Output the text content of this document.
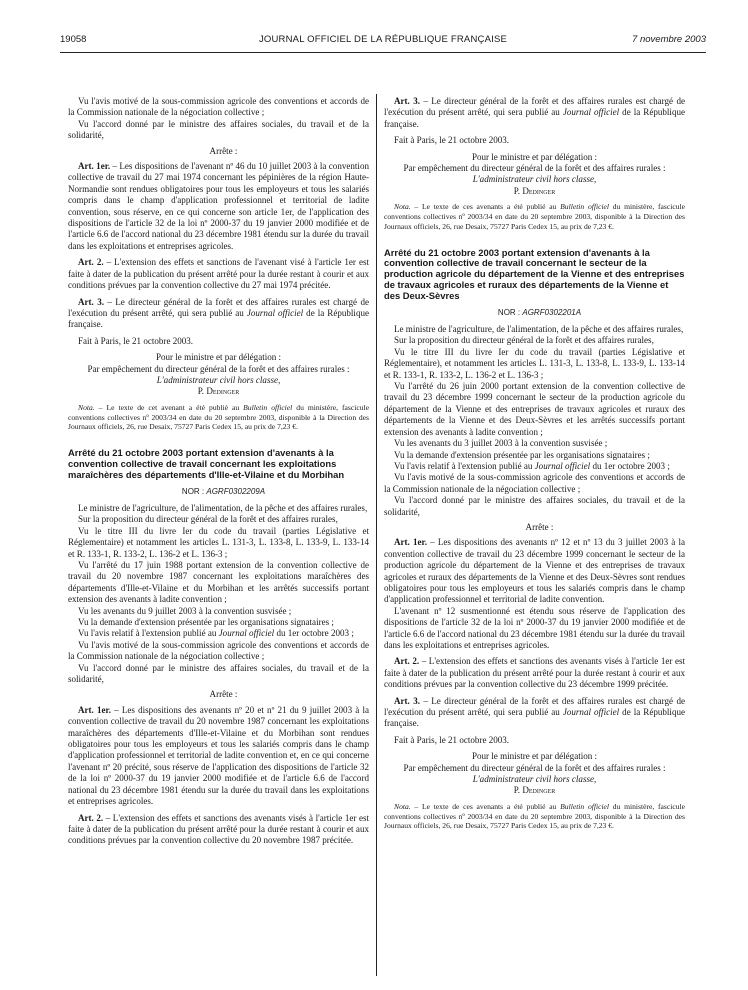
19058	JOURNAL OFFICIEL DE LA RÉPUBLIQUE FRANÇAISE	7 novembre 2003

Vu l'avis motivé de la sous-commission agricole des conventions et accords de la Commission nationale de la négociation collective ;

Vu l'accord donné par le ministre des affaires sociales, du travail et de la solidarité,

Arrête :

Art. 1er. – Les dispositions de l'avenant nº 46 du 10 juillet 2003 à la convention collective de travail du 27 mai 1974 concernant les pépinières de la région Haute-Normandie sont rendues obligatoires pour tous les employeurs et tous les salariés compris dans le champ d'application professionnel et territorial de ladite convention, sous réserve, en ce qui concerne son article 1er, de l'application des dispositions de l'article 32 de la loi nº 2000-37 du 19 janvier 2000 modifiée et de l'article 6.6 de l'accord national du 23 décembre 1981 étendu sur la durée du travail dans les exploitations et entreprises agricoles.

Art. 2. – L'extension des effets et sanctions de l'avenant visé à l'article 1er est faite à dater de la publication du présent arrêté pour la durée restant à courir et aux conditions prévues par la convention collective du 27 mai 1974 précitée.

Art. 3. – Le directeur général de la forêt et des affaires rurales est chargé de l'exécution du présent arrêté, qui sera publié au Journal officiel de la République française.

Fait à Paris, le 21 octobre 2003.

Pour le ministre et par délégation :

Par empêchement du directeur général de la forêt et des affaires rurales :

L'administrateur civil hors classe,

P. Dedinger

Nota. – Le texte de cet avenant a été publié au Bulletin officiel du ministère, fascicule conventions collectives nº 2003/34 en date du 20 septembre 2003, disponible à la Direction des Journaux officiels, 26, rue Desaix, 75727 Paris Cedex 15, au prix de 7,23 €.

Arrêté du 21 octobre 2003 portant extension d'avenants à la convention collective de travail concernant les exploitations maraîchères des départements d'Ille-et-Vilaine et du Morbihan

NOR : AGRF0302209A

Le ministre de l'agriculture, de l'alimentation, de la pêche et des affaires rurales,

Sur la proposition du directeur général de la forêt et des affaires rurales,

Vu le titre III du livre Ier du code du travail (parties Législative et Réglementaire) et notamment les articles L. 131-3, L. 133-8, L. 133-9, L. 133-14 et R. 133-1, R. 133-2, L. 136-2 et L. 136-3 ;

Vu l'arrêté du 17 juin 1988 portant extension de la convention collective de travail du 20 novembre 1987 concernant les exploitations maraîchères des départements d'Ille-et-Vilaine et du Morbihan et les arrêtés successifs portant extension des avenants à ladite convention ;

Vu les avenants du 9 juillet 2003 à la convention susvisée ;

Vu la demande d'extension présentée par les organisations signataires ;

Vu l'avis relatif à l'extension publié au Journal officiel du 1er octobre 2003 ;

Vu l'avis motivé de la sous-commission agricole des conventions et accords de la Commission nationale de la négociation collective ;

Vu l'accord donné par le ministre des affaires sociales, du travail et de la solidarité,

Arrête :

Art. 1er. – Les dispositions des avenants nº 20 et nº 21 du 9 juillet 2003 à la convention collective de travail du 20 novembre 1987 concernant les exploitations maraîchères des départements d'Ille-et-Vilaine et du Morbihan sont rendues obligatoires pour tous les employeurs et tous les salariés compris dans le champ d'application professionnel et territorial de ladite convention et, en ce qui concerne l'avenant nº 20 précité, sous réserve de l'application des dispositions de l'article 32 de la loi nº 2000-37 du 19 janvier 2000 modifiée et de l'article 6.6 de l'accord national du 23 décembre 1981 étendu sur la durée du travail dans les exploitations et entreprises agricoles.

Art. 2. – L'extension des effets et sanctions des avenants visés à l'article 1er est faite à dater de la publication du présent arrêté pour la durée restant à courir et aux conditions prévues par la convention collective du 20 novembre 1987 précitée.

Art. 3. – Le directeur général de la forêt et des affaires rurales est chargé de l'exécution du présent arrêté, qui sera publié au Journal officiel de la République française.

Fait à Paris, le 21 octobre 2003.

Pour le ministre et par délégation :

Par empêchement du directeur général de la forêt et des affaires rurales :

L'administrateur civil hors classe,

P. Dedinger

Nota. – Le texte de ces avenants a été publié au Bulletin officiel du ministère, fascicule conventions collectives nº 2003/34 en date du 20 septembre 2003, disponible à la Direction des Journaux officiels, 26, rue Desaix, 75727 Paris Cedex 15, au prix de 7,23 €.

Arrêté du 21 octobre 2003 portant extension d'avenants à la convention collective de travail concernant le secteur de la production agricole du département de la Vienne et des entreprises de travaux agricoles et ruraux des départements de la Vienne et des Deux-Sèvres

NOR : AGRF0302201A

Le ministre de l'agriculture, de l'alimentation, de la pêche et des affaires rurales,

Sur la proposition du directeur général de la forêt et des affaires rurales,

Vu le titre III du livre Ier du code du travail (parties Législative et Réglementaire), et notamment les articles L. 131-3, L. 133-8, L. 133-9, L. 133-14 et R. 133-1, R. 133-2, L. 136-2 et L. 136-3 ;

Vu l'arrêté du 26 juin 2000 portant extension de la convention collective de travail du 23 décembre 1999 concernant le secteur de la production agricole du département de la Vienne et des entreprises de travaux agricoles et ruraux des départements de la Vienne et des Deux-Sèvres et les arrêtés successifs portant extension des avenants à ladite convention ;

Vu les avenants du 3 juillet 2003 à la convention susvisée ;

Vu la demande d'extension présentée par les organisations signataires ;

Vu l'avis relatif à l'extension publié au Journal officiel du 1er octobre 2003 ;

Vu l'avis motivé de la sous-commission agricole des conventions et accords de la Commission nationale de la négociation collective ;

Vu l'accord donné par le ministre des affaires sociales, du travail et de la solidarité,

Arrête :

Art. 1er. – Les dispositions des avenants nº 12 et nº 13 du 3 juillet 2003 à la convention collective de travail du 23 décembre 1999 concernant le secteur de la production agricole du département de la Vienne et des entreprises de travaux agricoles et ruraux des départements de la Vienne et des Deux-Sèvres sont rendues obligatoires pour tous les employeurs et tous les salariés compris dans le champ d'application professionnel et territorial de ladite convention.

L'avenant nº 12 susmentionné est étendu sous réserve de l'application des dispositions de l'article 32 de la loi nº 2000-37 du 19 janvier 2000 modifiée et de l'article 6.6 de l'accord national du 23 décembre 1981 étendu sur la durée du travail dans les exploitations et entreprises agricoles.

Art. 2. – L'extension des effets et sanctions des avenants visés à l'article 1er est faite à dater de la publication du présent arrêté pour la durée restant à courir et aux conditions prévues par la convention collective du 23 décembre 1999 précitée.

Art. 3. – Le directeur général de la forêt et des affaires rurales est chargé de l'exécution du présent arrêté, qui sera publié au Journal officiel de la République française.

Fait à Paris, le 21 octobre 2003.

Pour le ministre et par délégation :

Par empêchement du directeur général de la forêt et des affaires rurales :

L'administrateur civil hors classe,

P. Dedinger

Nota. – Le texte de ces avenants a été publié au Bulletin officiel du ministère, fascicule conventions collectives nº 2003/34 en date du 20 septembre 2003, disponible à la Direction des Journaux officiels, 26, rue Desaix, 75727 Paris Cedex 15, au prix de 7,23 €.
